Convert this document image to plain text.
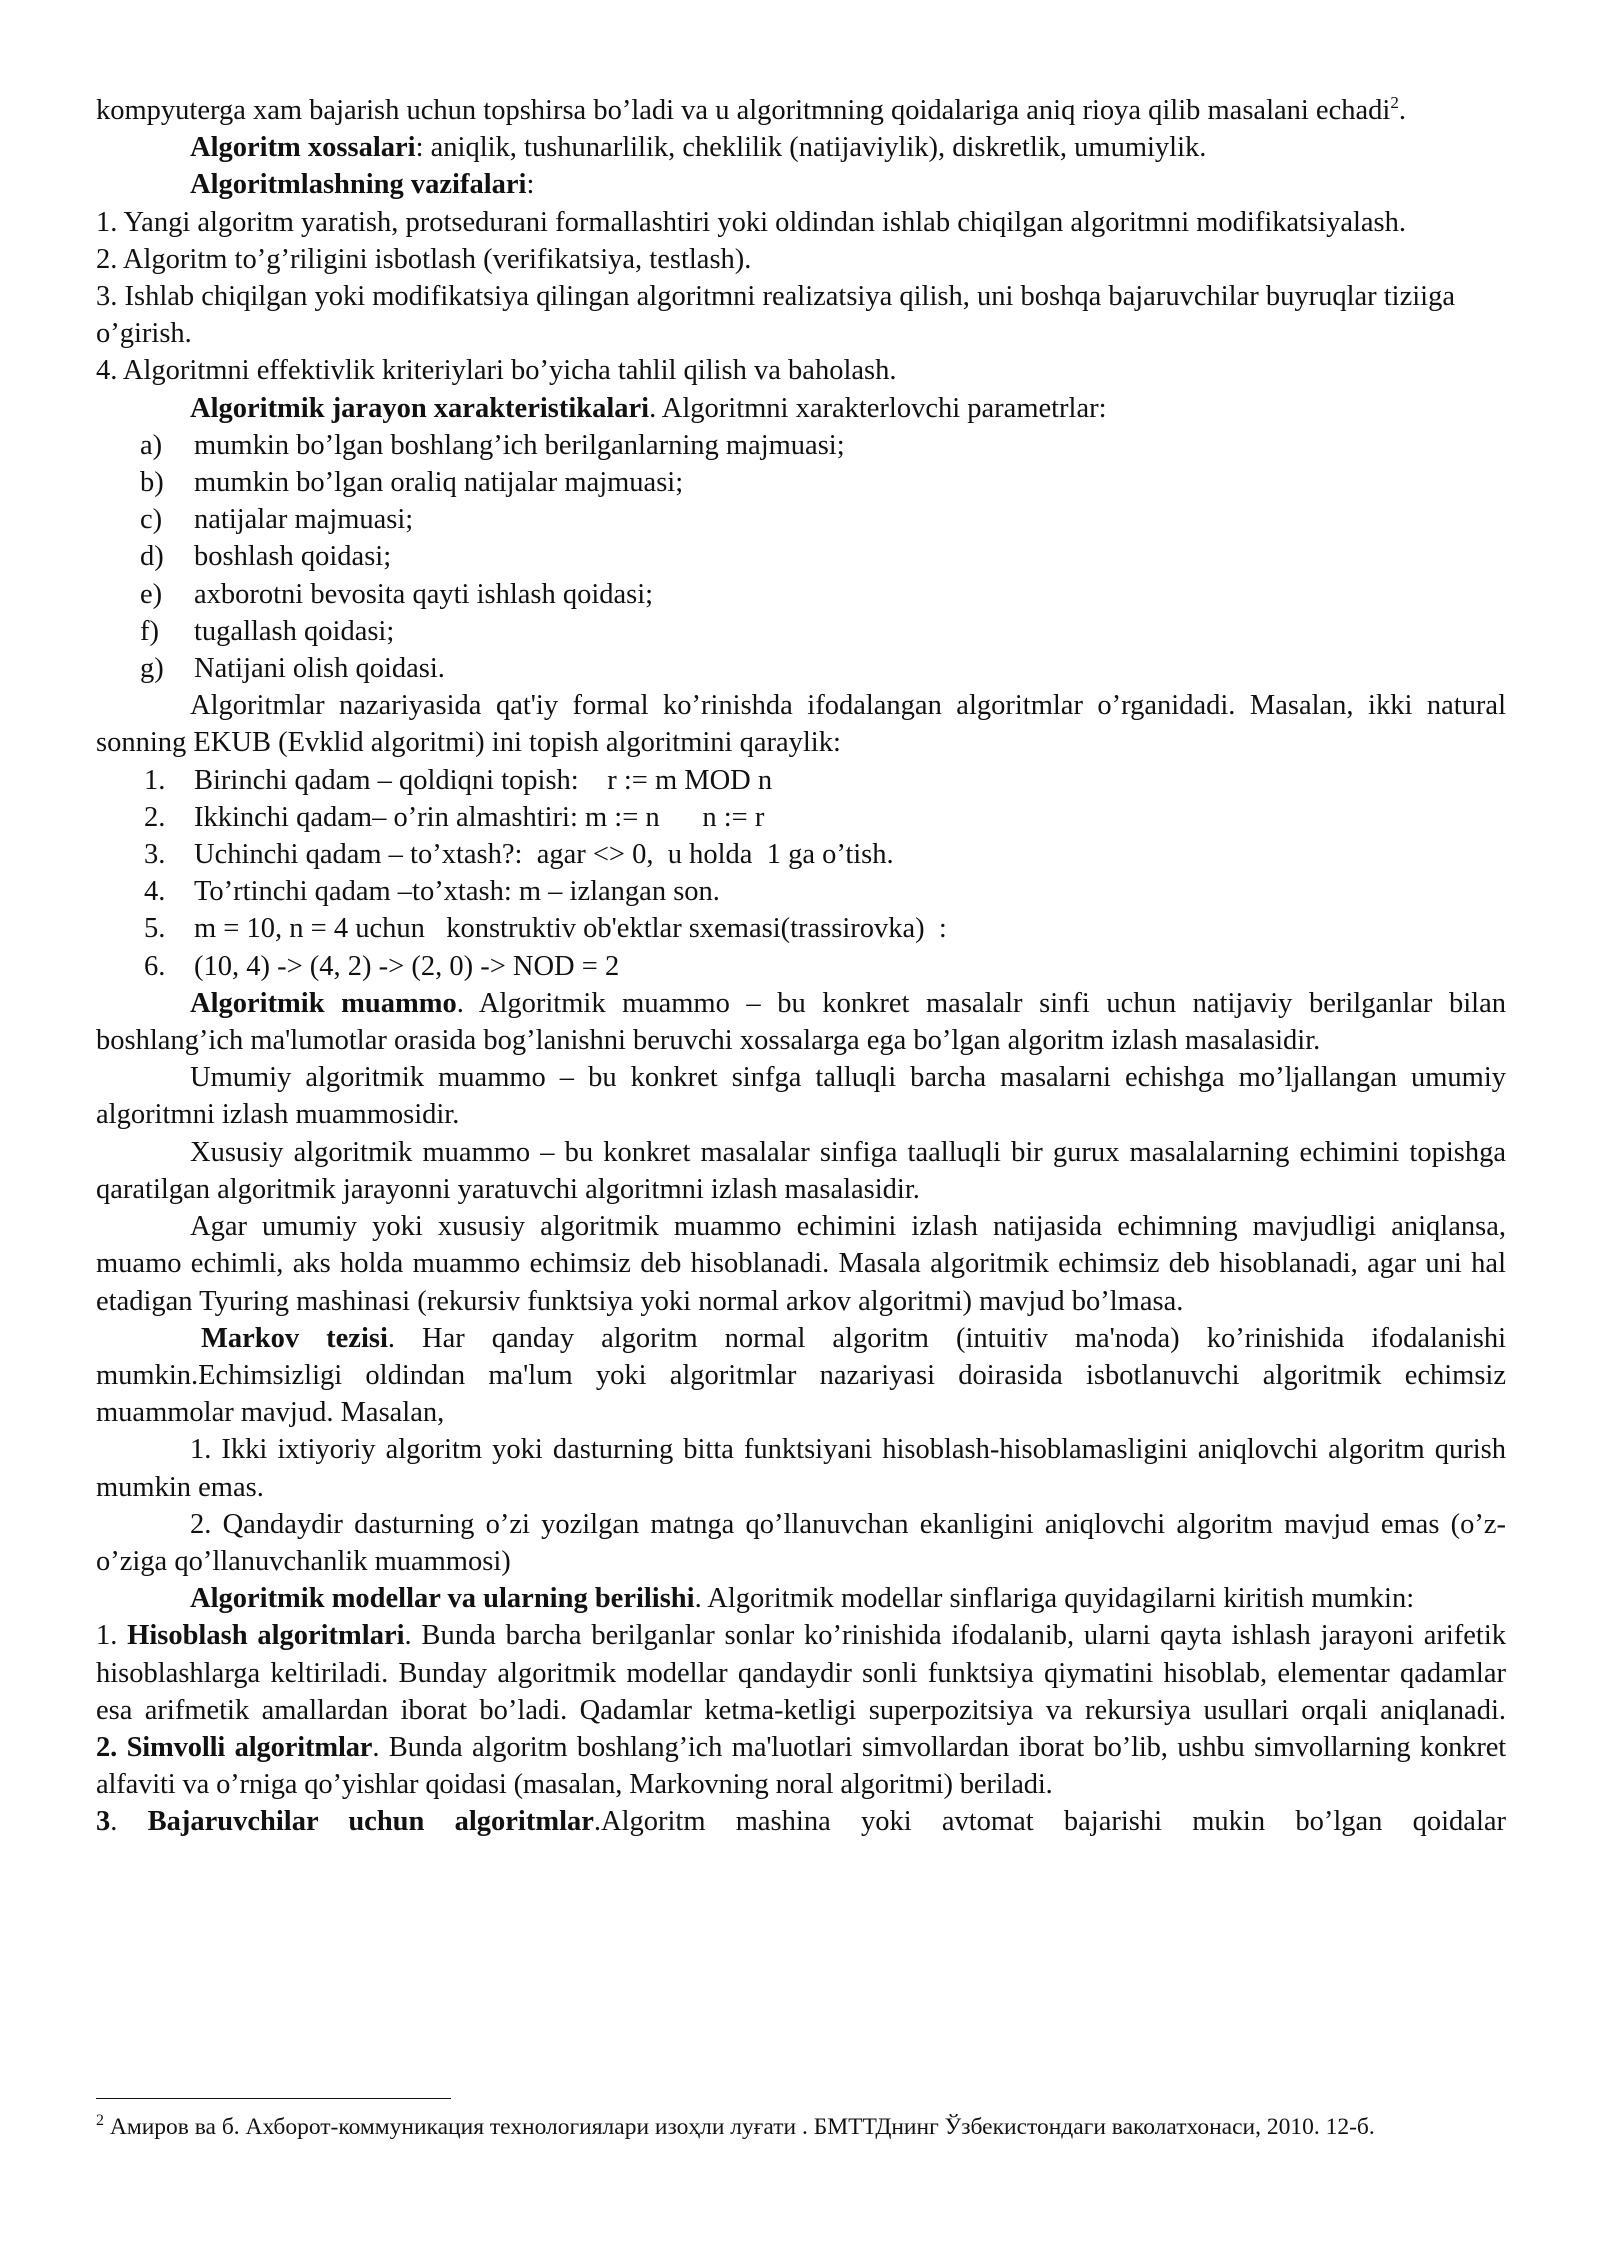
kompyuterga xam bajarish uchun topshirsa bo’ladi va u algoritmning qoidalariga aniq rioya qilib masalani echadi$^2$.

Algoritm xossalari: aniqlik, tushunarlilik, cheklilik (natijaviylik), diskretlik, umumiylik.

Algoritmlashning vazifalari:

1. Yangi algoritm yaratish, protsedurani formallashtiri yoki oldindan ishlab chiqilgan algoritmni modifikatsiyalash.

2. Algoritm to’g’riligini isbotlash (verifikatsiya, testlash).

3. Ishlab chiqilgan yoki modifikatsiya qilingan algoritmni realizatsiya qilish, uni boshqa bajaruvchilar buyruqlar tiziiga o’girish.

4. Algoritmni effektivlik kriteriylari bo’yicha tahlil qilish va baholash.

Algoritmik jarayon xarakteristikalari. Algoritmni xarakterlovchi parametrlar:

a)	mumkin bo’lgan boshlang’ich berilganlarning majmuasi;
b)	mumkin bo’lgan oraliq natijalar majmuasi;
c)	natijalar majmuasi;
d)	boshlash qoidasi;
e)	axborotni bevosita qayti ishlash qoidasi;
f)	tugallash qoidasi;
g)	Natijani olish qoidasi.

Algoritmlar nazariyasida qat'iy formal ko’rinishda ifodalangan algoritmlar o’rganidadi. Masalan, ikki natural sonning EKUB (Evklid algoritmi) ini topish algoritmini qaraylik:

1.	Birinchi qadam – qoldiqni topish:    r := m MOD n
2.	Ikkinchi qadam– o’rin almashtiri: m := n      n := r
3.	Uchinchi qadam – to’xtash?:  agar <> 0,  u holda  1 ga o’tish.
4.	To’rtinchi qadam –to’xtash: m – izlangan son.
5.	m = 10, n = 4 uchun   konstruktiv ob'ektlar sxemasi(trassirovka)  :
6.	(10, 4) -> (4, 2) -> (2, 0) -> NOD = 2

Algoritmik muammo. Algoritmik muammo – bu konkret masalalr sinfi uchun natijaviy berilganlar bilan boshlang’ich ma'lumotlar orasida bog’lanishni beruvchi xossalarga ega bo’lgan algoritm izlash masalasidir.

Umumiy algoritmik muammo – bu konkret sinfga talluqli barcha masalarni echishga mo’ljallangan umumiy algoritmni izlash muammosidir.

Xususiy algoritmik muammo – bu konkret masalalar sinfiga taalluqli bir gurux masalalarning echimini topishga qaratilgan algoritmik jarayonni yaratuvchi algoritmni izlash masalasidir.

Agar umumiy yoki xususiy algoritmik muammo echimini izlash natijasida echimning mavjudligi aniqlansa, muamo echimli, aks holda muammo echimsiz deb hisoblanadi. Masala algoritmik echimsiz deb hisoblanadi, agar uni hal etadigan Tyuring mashinasi (rekursiv funktsiya yoki normal arkov algoritmi) mavjud bo’lmasa.

Markov tezisi. Har qanday algoritm normal algoritm (intuitiv ma'noda) ko’rinishida ifodalanishi mumkin.Echimsizligi oldindan ma'lum yoki algoritmlar nazariyasi doirasida isbotlanuvchi algoritmik echimsiz muammolar mavjud. Masalan,

1. Ikki ixtiyoriy algoritm yoki dasturning bitta funktsiyani hisoblash-hisoblamasligini aniqlovchi algoritm qurish mumkin emas.

2. Qandaydir dasturning o’zi yozilgan matnga qo’llanuvchan ekanligini aniqlovchi algoritm mavjud emas (o’z-o’ziga qo’llanuvchanlik muammosi)

Algoritmik modellar va ularning berilishi. Algoritmik modellar sinflariga quyidagilarni kiritish mumkin:

1. Hisoblash algoritmlari. Bunda barcha berilganlar sonlar ko’rinishida ifodalanib, ularni qayta ishlash jarayoni arifetik hisoblashlarga keltiriladi. Bunday algoritmik modellar qandaydir sonli funktsiya qiymatini hisoblab, elementar qadamlar esa arifmetik amallardan iborat bo’ladi. Qadamlar ketma-ketligi superpozitsiya va rekursiya usullari orqali aniqlanadi.

2. Simvolli algoritmlar. Bunda algoritm boshlang’ich ma'luotlari simvollardan iborat bo’lib, ushbu simvollarning konkret alfaviti va o’rniga qo’yishlar qoidasi (masalan, Markovning noral algoritmi) beriladi.

3. Bajaruvchilar uchun algoritmlar.Algoritm mashina yoki avtomat bajarishi mukin bo’lgan qoidalar

$^2$ Амиров ва б. Ахборот-коммуникация технологиялари изоҳли луғати . БМТТДнинг Ўзбекистондаги ваколатхонаси, 2010. 12-б.
